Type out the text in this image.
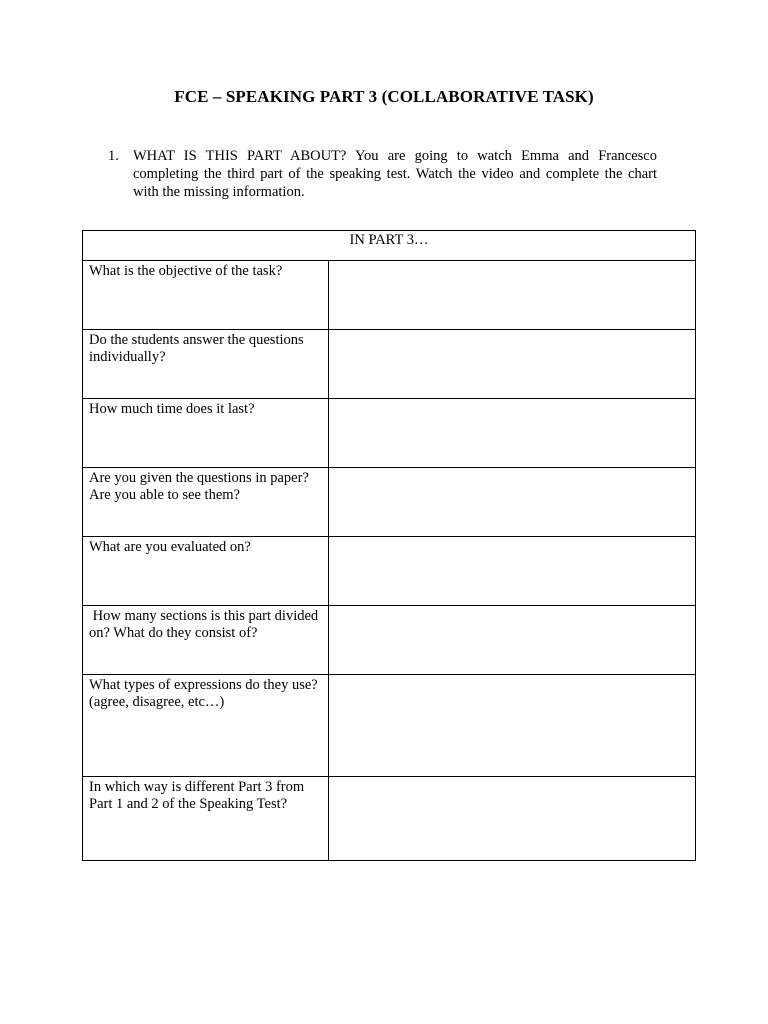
FCE – SPEAKING PART 3 (COLLABORATIVE TASK)
1. WHAT IS THIS PART ABOUT? You are going to watch Emma and Francesco completing the third part of the speaking test. Watch the video and complete the chart with the missing information.
IN PART 3…	

What is the objective of the task?	

Do the students answer the questions individually?	

How much time does it last?	

Are you given the questions in paper? Are you able to see them?	

What are you evaluated on?	

How many sections is this part divided on? What do they consist of?	

What types of expressions do they use? (agree, disagree, etc…)	

In which way is different Part 3 from Part 1 and 2 of the Speaking Test?	
